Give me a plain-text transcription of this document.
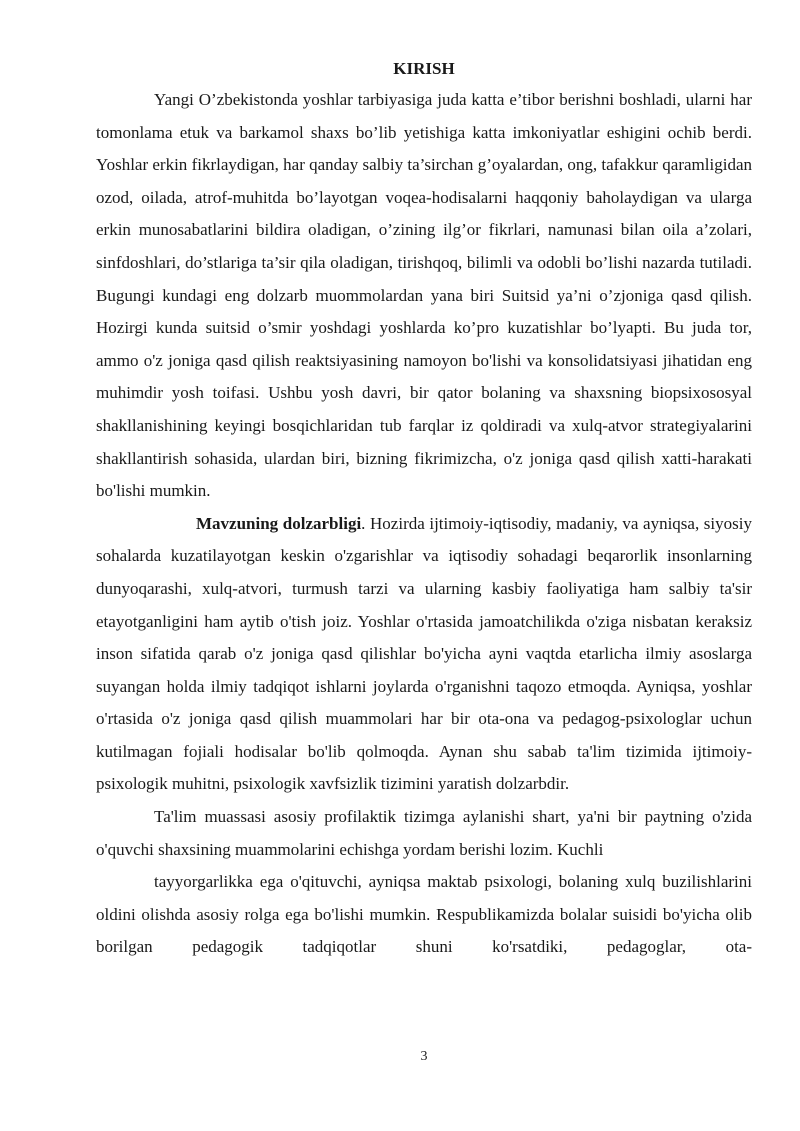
KIRISH

Yangi O’zbekistonda yoshlar tarbiyasiga juda katta e’tibor berishni boshladi, ularni har tomonlama etuk va barkamol shaxs bo’lib yetishiga katta imkoniyatlar eshigini ochib berdi. Yoshlar erkin fikrlaydigan, har qanday salbiy ta’sirchan g’oyalardan, ong, tafakkur qaramligidan ozod, oilada, atrof-muhitda bo’layotgan voqea-hodisalarni haqqoniy baholaydigan va ularga erkin munosabatlarini bildira oladigan, o’zining ilg’or fikrlari, namunasi bilan oila a’zolari, sinfdoshlari, do’stlariga ta’sir qila oladigan, tirishqoq, bilimli va odobli bo’lishi nazarda tutiladi. Bugungi kundagi eng dolzarb muommolardan yana biri Suitsid ya’ni o’zjoniga qasd qilish. Hozirgi kunda suitsid o’smir yoshdagi yoshlarda ko’pro kuzatishlar bo’lyapti. Bu juda tor, ammo o'z joniga qasd qilish reaktsiyasining namoyon bo'lishi va konsolidatsiyasi jihatidan eng muhimdir yosh toifasi. Ushbu yosh davri, bir qator bolaning va shaxsning biopsixososyal shakllanishining keyingi bosqichlaridan tub farqlar iz qoldiradi va xulq-atvor strategiyalarini shakllantirish sohasida, ulardan biri, bizning fikrimizcha, o'z joniga qasd qilish xatti-harakati bo'lishi mumkin.

Mavzuning dolzarbligi. Hozirda ijtimoiy-iqtisodiy, madaniy, va ayniqsa, siyosiy sohalarda kuzatilayotgan keskin o'zgarishlar va iqtisodiy sohadagi beqarorlik insonlarning dunyoqarashi, xulq-atvori, turmush tarzi va ularning kasbiy faoliyatiga ham salbiy ta'sir etayotganligini ham aytib o'tish joiz. Yoshlar o'rtasida jamoatchilikda o'ziga nisbatan keraksiz inson sifatida qarab o'z joniga qasd qilishlar bo'yicha ayni vaqtda etarlicha ilmiy asoslarga suyangan holda ilmiy tadqiqot ishlarni joylarda o'rganishni taqozo etmoqda. Ayniqsa, yoshlar o'rtasida o'z joniga qasd qilish muammolari har bir ota-ona va pedagog-psixologlar uchun kutilmagan fojiali hodisalar bo'lib qolmoqda. Aynan shu sabab ta'lim tizimida ijtimoiy-psixologik muhitni, psixologik xavfsizlik tizimini yaratish dolzarbdir.

Ta'lim muassasi asosiy profilaktik tizimga aylanishi shart, ya'ni bir paytning o'zida o'quvchi shaxsining muammolarini echishga yordam berishi lozim. Kuchli

tayyorgarlikka ega o'qituvchi, ayniqsa maktab psixologi, bolaning xulq buzilishlarini oldini olishda asosiy rolga ega bo'lishi mumkin. Respublikamizda bolalar suisidi bo'yicha olib borilgan pedagogik tadqiqotlar shuni ko'rsatdiki, pedagoglar, ota-

3
